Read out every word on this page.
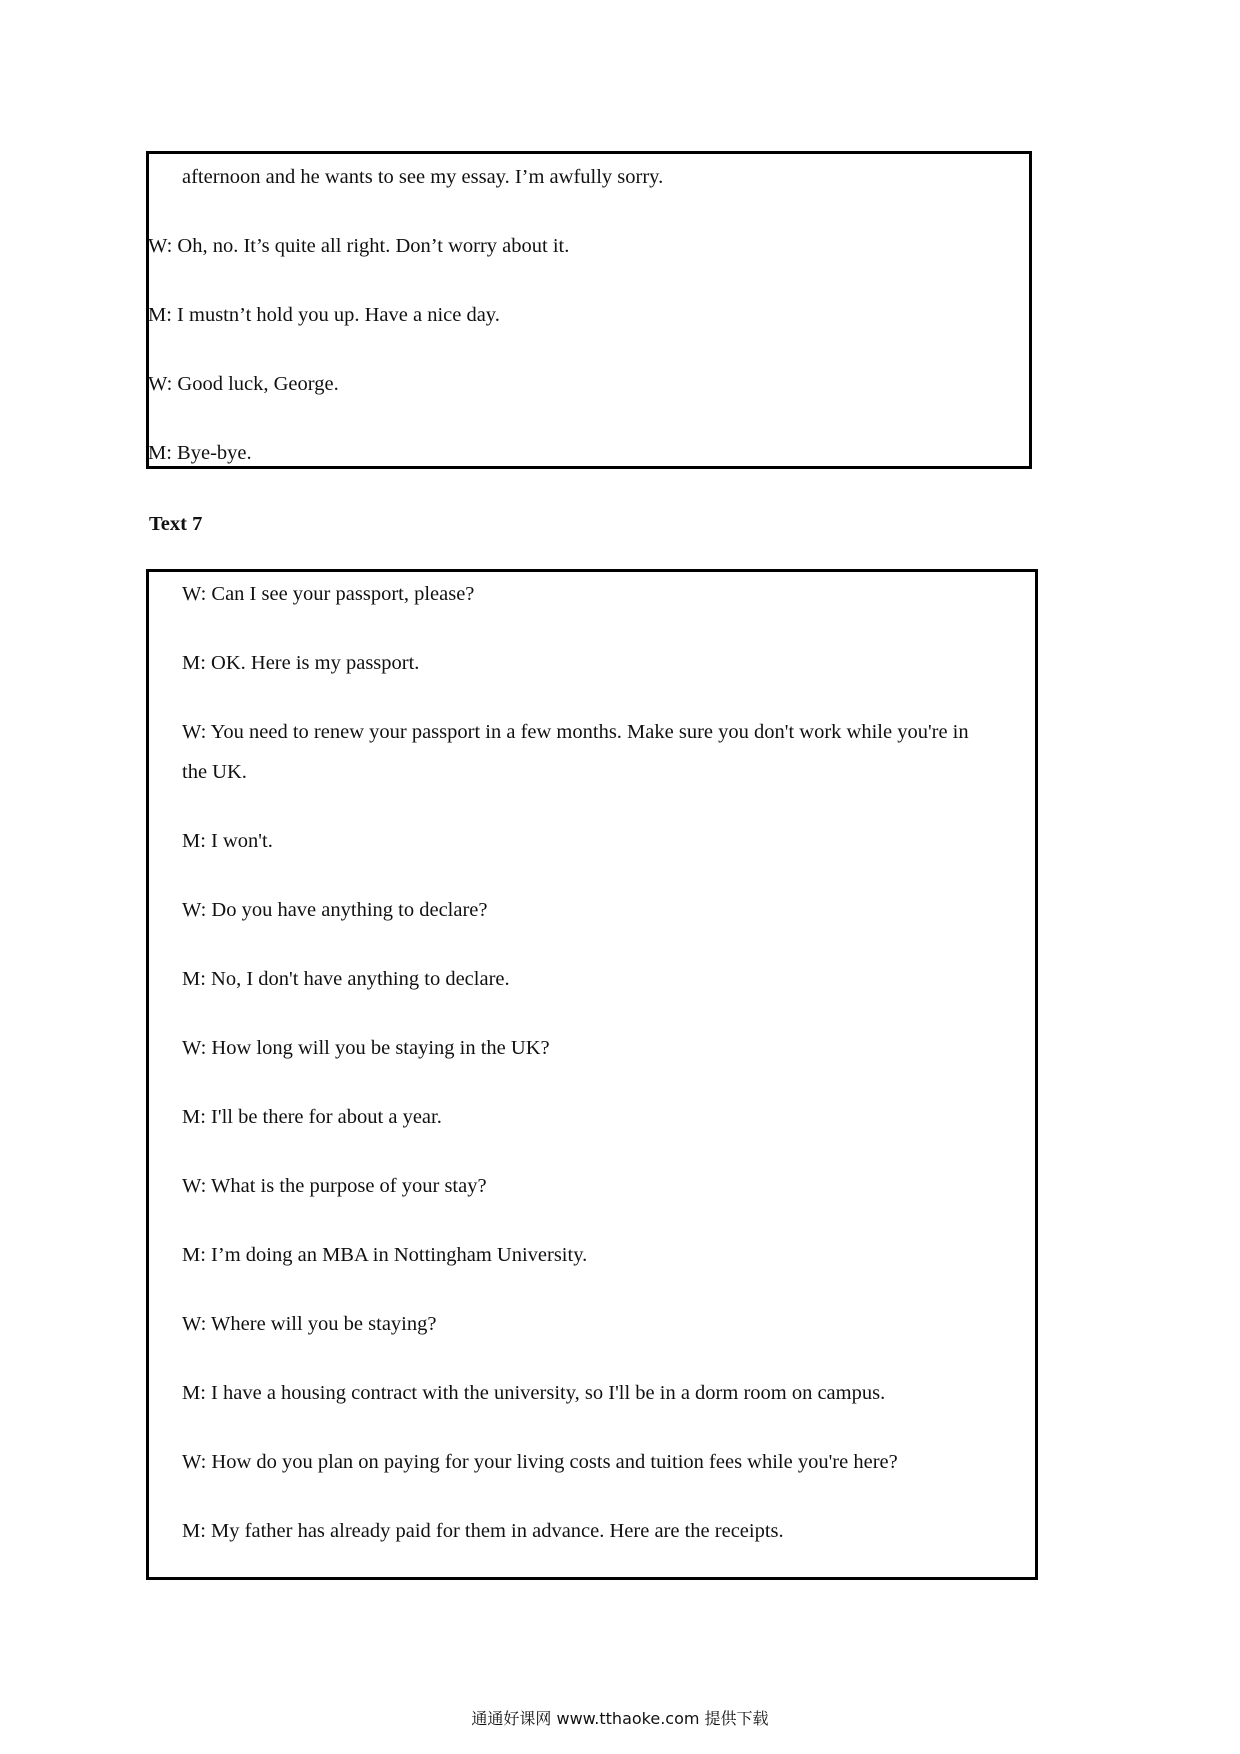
afternoon and he wants to see my essay. I’m awfully sorry.
W: Oh, no. It’s quite all right. Don’t worry about it.
M: I mustn’t hold you up. Have a nice day.
W: Good luck, George.
M: Bye-bye.
Text 7
W: Can I see your passport, please?
M: OK. Here is my passport.
W: You need to renew your passport in a few months. Make sure you don't work while you're in
the UK.
M: I won't.
W: Do you have anything to declare?
M: No, I don't have anything to declare.
W: How long will you be staying in the UK?
M: I'll be there for about a year.
W: What is the purpose of your stay?
M: I’m doing an MBA in Nottingham University.
W: Where will you be staying?
M: I have a housing contract with the university, so I'll be in a dorm room on campus.
W: How do you plan on paying for your living costs and tuition fees while you're here?
M: My father has already paid for them in advance. Here are the receipts.
通通好课网 www.tthaoke.com 提供下载
